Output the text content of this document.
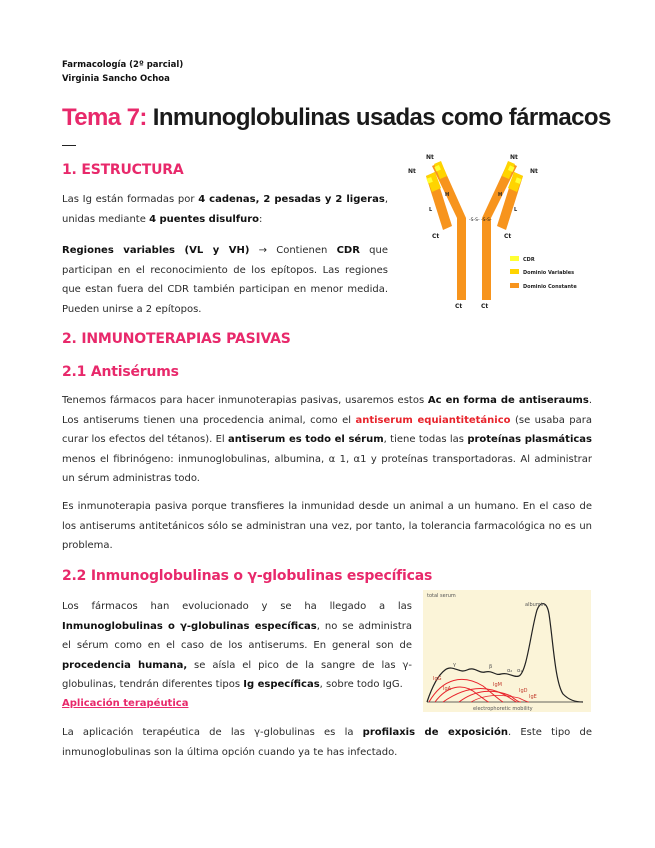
Farmacología (2º parcial)
Virginia Sancho Ochoa
Tema 7: Inmunoglobulinas usadas como fármacos
1. ESTRUCTURA
Las Ig están formadas por 4 cadenas, 2 pesadas y 2 ligeras, unidas mediante 4 puentes disulfuro:
Regiones variables (VL y VH) → Contienen CDR que participan en el reconocimiento de los epítopos. Las regiones que estan fuera del CDR también participan en menor medida. Pueden unirse a 2 epítopos.
Nt
Nt
Nt
Nt
Ct	Ct
Ct	Ct
H	H
L	L
-S-S- -S-S-
CDR
Dominio Variables
Dominio Constante
2. INMUNOTERAPIAS PASIVAS
2.1 Antisérums
Tenemos fármacos para hacer inmunoterapias pasivas, usaremos estos Ac en forma de antiseraums. Los antiserums tienen una procedencia animal, como el antiserum equiantitetánico (se usaba para curar los efectos del tétanos). El antiserum es todo el sérum, tiene todas las proteínas plasmáticas menos el fibrinógeno: inmunoglobulinas, albumina, α 1, α1 y proteínas transportadoras. Al administrar un sérum administras todo.
Es inmunoterapia pasiva porque transfieres la inmunidad desde un animal a un humano. En el caso de los antiserums antitetánicos sólo se administran una vez, por tanto, la tolerancia farmacológica no es un problema.
2.2 Inmunoglobulinas o γ-globulinas específicas
Los fármacos han evolucionado y se ha llegado a las Inmunoglobulinas o γ-globulinas específicas, no se administra el sérum como en el caso de los antiserums. En general son de procedencia humana, se aísla el pico de la sangre de las γ-globulinas, tendrán diferentes tipos Ig específicas, sobre todo IgG.
Aplicación terapéutica
La aplicación terapéutica de las γ-globulinas es la profilaxis de exposición. Este tipo de inmunoglobulinas son la última opción cuando ya te has infectado.
total serum
albumin
electrophoretic mobility
γ	β
α₂ α₁
IgA
IgM
IgG
IgD
IgE
